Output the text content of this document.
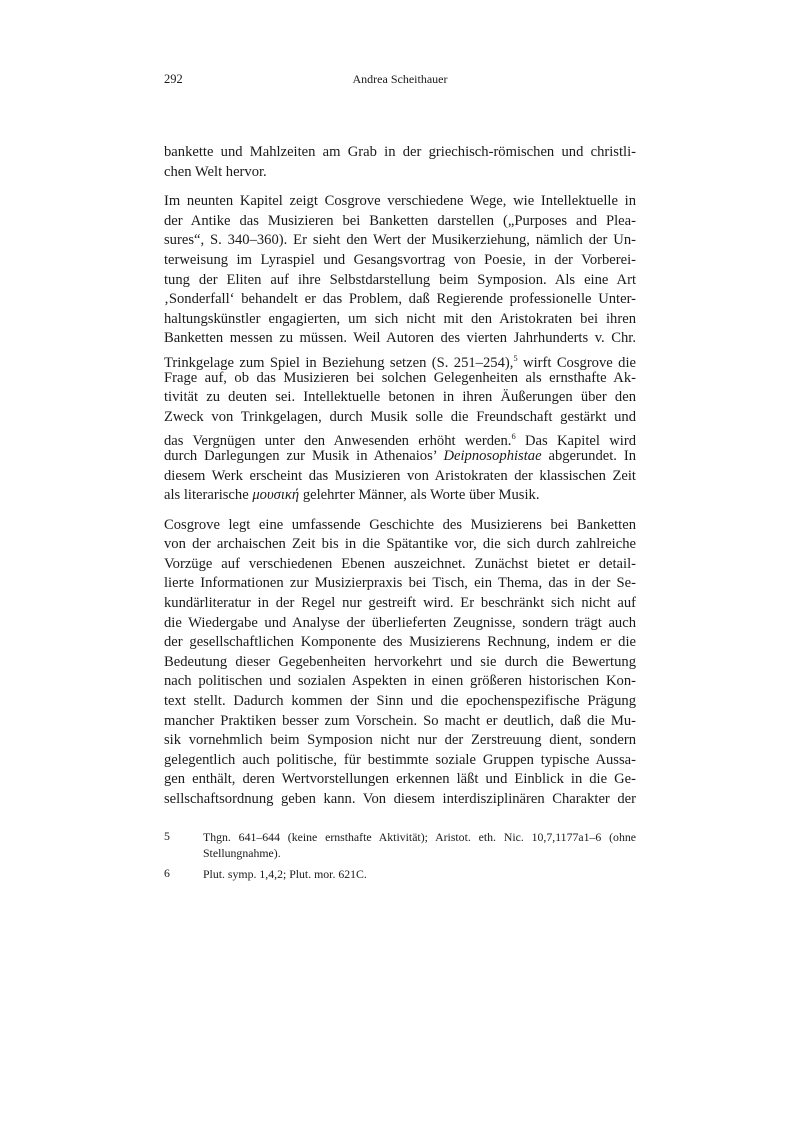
292	Andrea Scheithauer
bankette und Mahlzeiten am Grab in der griechisch-römischen und christli-
chen Welt hervor.
Im neunten Kapitel zeigt Cosgrove verschiedene Wege, wie Intellektuelle in
der Antike das Musizieren bei Banketten darstellen („Purposes and Plea-
sures“, S. 340–360). Er sieht den Wert der Musikerziehung, nämlich der Un-
terweisung im Lyraspiel und Gesangsvortrag von Poesie, in der Vorberei-
tung der Eliten auf ihre Selbstdarstellung beim Symposion. Als eine Art
‚Sonderfall‘ behandelt er das Problem, daß Regierende professionelle Unter-
haltungskünstler engagierten, um sich nicht mit den Aristokraten bei ihren
Banketten messen zu müssen. Weil Autoren des vierten Jahrhunderts v. Chr.
Trinkgelage zum Spiel in Beziehung setzen (S. 251–254),$^5$ wirft Cosgrove die
Frage auf, ob das Musizieren bei solchen Gelegenheiten als ernsthafte Ak-
tivität zu deuten sei. Intellektuelle betonen in ihren Äußerungen über den
Zweck von Trinkgelagen, durch Musik solle die Freundschaft gestärkt und
das Vergnügen unter den Anwesenden erhöht werden.$^6$ Das Kapitel wird
durch Darlegungen zur Musik in Athenaios’ Deipnosophistae abgerundet. In
diesem Werk erscheint das Musizieren von Aristokraten der klassischen Zeit
als literarische μουσική gelehrter Männer, als Worte über Musik.
Cosgrove legt eine umfassende Geschichte des Musizierens bei Banketten
von der archaischen Zeit bis in die Spätantike vor, die sich durch zahlreiche
Vorzüge auf verschiedenen Ebenen auszeichnet. Zunächst bietet er detail-
lierte Informationen zur Musizierpraxis bei Tisch, ein Thema, das in der Se-
kundärliteratur in der Regel nur gestreift wird. Er beschränkt sich nicht auf
die Wiedergabe und Analyse der überlieferten Zeugnisse, sondern trägt auch
der gesellschaftlichen Komponente des Musizierens Rechnung, indem er die
Bedeutung dieser Gegebenheiten hervorkehrt und sie durch die Bewertung
nach politischen und sozialen Aspekten in einen größeren historischen Kon-
text stellt. Dadurch kommen der Sinn und die epochenspezifische Prägung
mancher Praktiken besser zum Vorschein. So macht er deutlich, daß die Mu-
sik vornehmlich beim Symposion nicht nur der Zerstreuung dient, sondern
gelegentlich auch politische, für bestimmte soziale Gruppen typische Aussa-
gen enthält, deren Wertvorstellungen erkennen läßt und Einblick in die Ge-
sellschaftsordnung geben kann. Von diesem interdisziplinären Charakter der
5	Thgn. 641–644 (keine ernsthafte Aktivität); Aristot. eth. Nic. 10,7,1177a1–6 (ohne
Stellungnahme).
6	Plut. symp. 1,4,2; Plut. mor. 621C.
